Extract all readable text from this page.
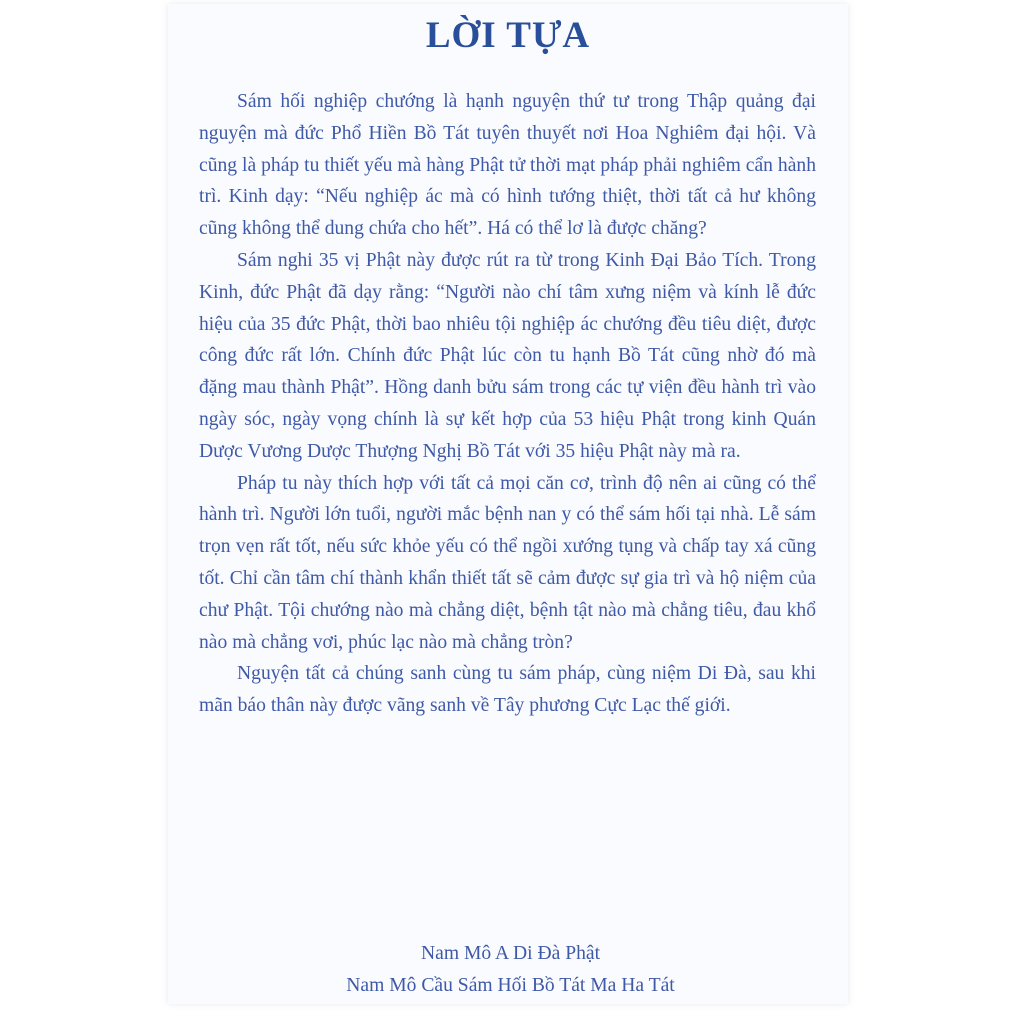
LỜI TỰA

Sám hối nghiệp chướng là hạnh nguyện thứ tư trong Thập quảng đại nguyện mà đức Phổ Hiền Bồ Tát tuyên thuyết nơi Hoa Nghiêm đại hội. Và cũng là pháp tu thiết yếu mà hàng Phật tử thời mạt pháp phải nghiêm cẩn hành trì. Kinh dạy: “Nếu nghiệp ác mà có hình tướng thiệt, thời tất cả hư không cũng không thể dung chứa cho hết”. Há có thể lơ là được chăng?

Sám nghi 35 vị Phật này được rút ra từ trong Kinh Đại Bảo Tích. Trong Kinh, đức Phật đã dạy rằng: “Người nào chí tâm xưng niệm và kính lễ đức hiệu của 35 đức Phật, thời bao nhiêu tội nghiệp ác chướng đều tiêu diệt, được công đức rất lớn. Chính đức Phật lúc còn tu hạnh Bồ Tát cũng nhờ đó mà đặng mau thành Phật”. Hồng danh bửu sám trong các tự viện đều hành trì vào ngày sóc, ngày vọng chính là sự kết hợp của 53 hiệu Phật trong kinh Quán Dược Vương Dược Thượng Nghị Bồ Tát với 35 hiệu Phật này mà ra.

Pháp tu này thích hợp với tất cả mọi căn cơ, trình độ nên ai cũng có thể hành trì. Người lớn tuổi, người mắc bệnh nan y có thể sám hối tại nhà. Lễ sám trọn vẹn rất tốt, nếu sức khỏe yếu có thể ngồi xướng tụng và chấp tay xá cũng tốt. Chỉ cần tâm chí thành khẩn thiết tất sẽ cảm được sự gia trì và hộ niệm của chư Phật. Tội chướng nào mà chẳng diệt, bệnh tật nào mà chẳng tiêu, đau khổ nào mà chẳng vơi, phúc lạc nào mà chẳng tròn?

Nguyện tất cả chúng sanh cùng tu sám pháp, cùng niệm Di Đà, sau khi mãn báo thân này được vãng sanh về Tây phương Cực Lạc thế giới.

Nam Mô A Di Đà Phật
Nam Mô Cầu Sám Hối Bồ Tát Ma Ha Tát
